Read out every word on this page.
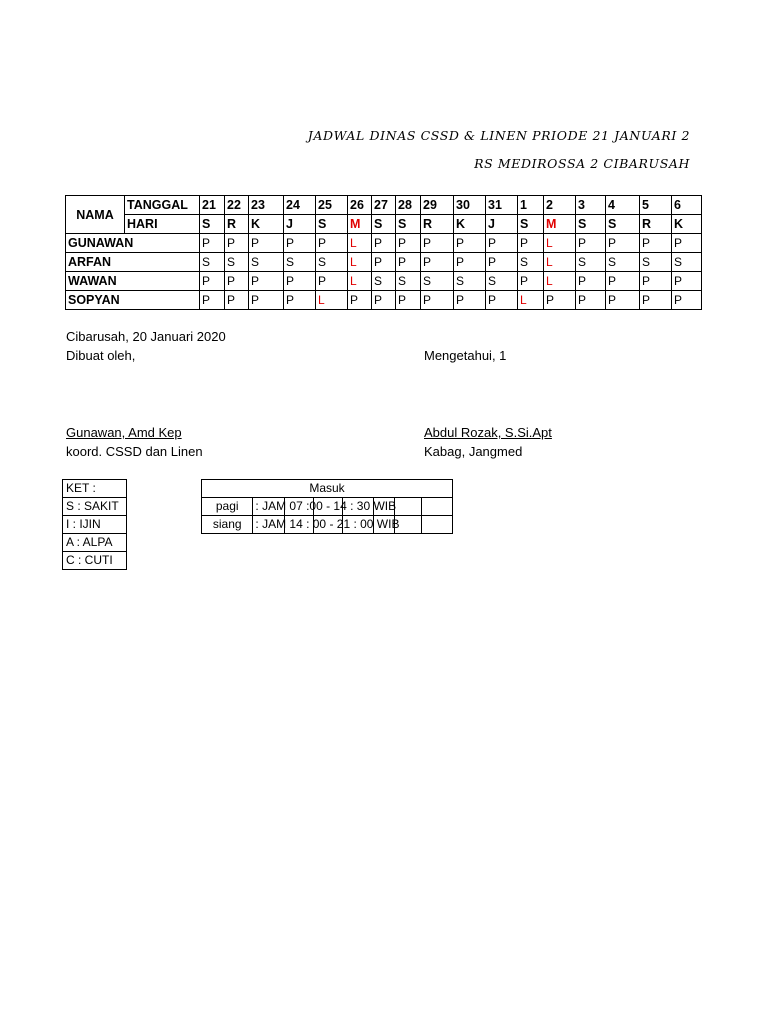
JADWAL DINAS CSSD & LINEN PRIODE 21 JANUARI 2
RS MEDIROSSA 2 CIBARUSAH
NAMA	TANGGAL	21	22	23	24	25	26	27	28	29	30	31	1	2	3	4	5	6
	HARI	S	R	K	J	S	M	S	S	R	K	J	S	M	S	S	R	K
GUNAWAN		P	P	P	P	P	L	P	P	P	P	P	P	L	P	P	P	P
ARFAN		S	S	S	S	S	L	P	P	P	P	P	S	L	S	S	S	S
WAWAN		P	P	P	P	P	L	S	S	S	S	S	P	L	P	P	P	P
SOPYAN		P	P	P	P	L	P	P	P	P	P	P	L	P	P	P	P	P
Cibarusah, 20 Januari 2020
Dibuat oleh,	Mengetahui, 1
Gunawan, Amd Kep
koord. CSSD dan Linen
Abdul Rozak, S.Si.Apt
Kabag, Jangmed
KET :
S : SAKIT
I : IJIN
A : ALPA
C : CUTI
Masuk							
pagi	: JAM 07 :00 - 14 : 30 WIB						

siang	: JAM 14 : 00 - 21 : 00 WIB						
